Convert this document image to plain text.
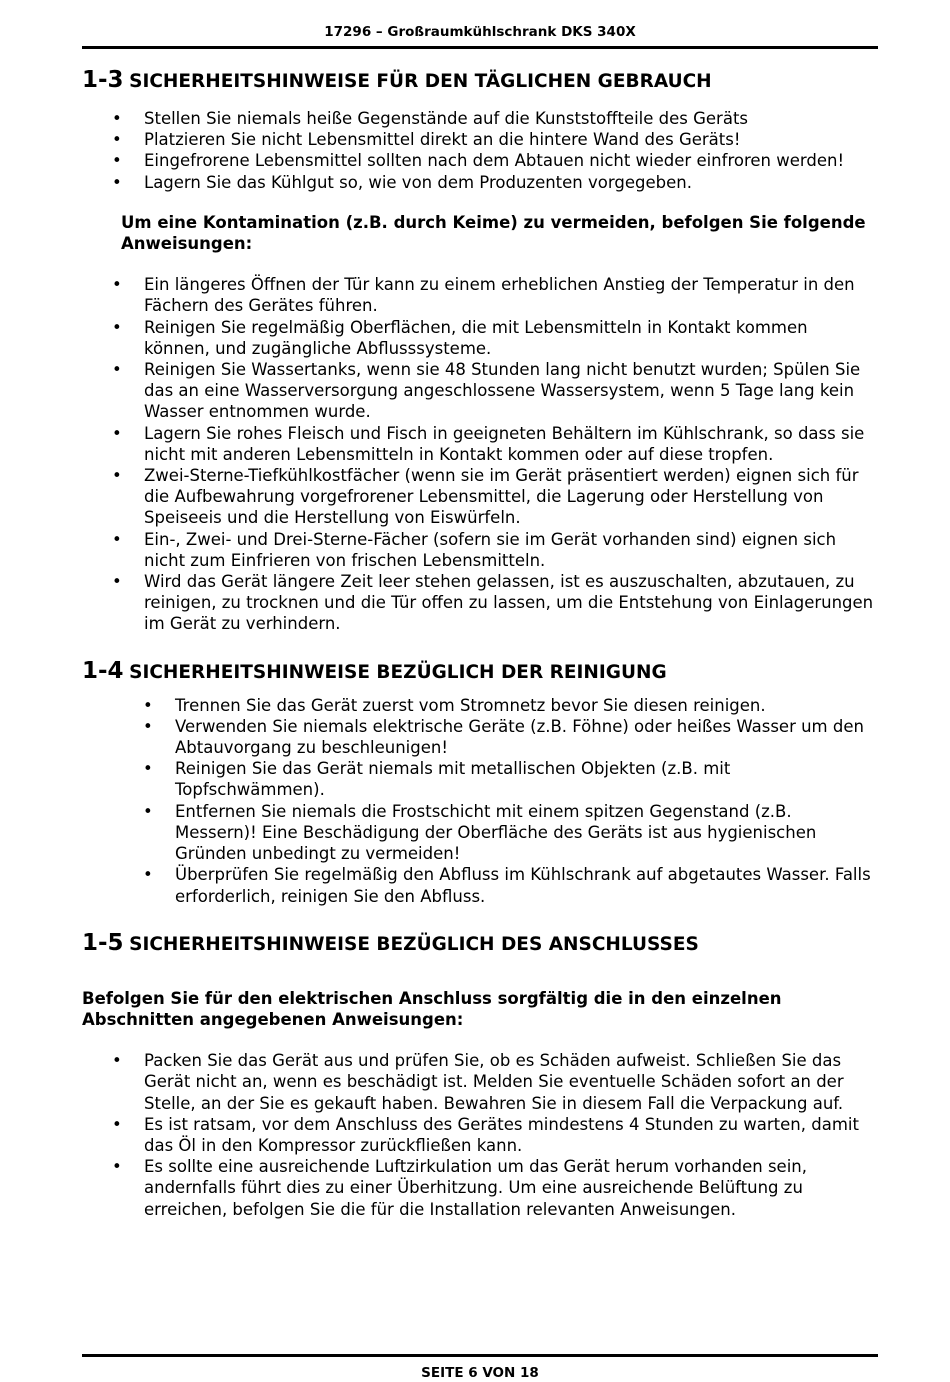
17296 – Großraumkühlschrank DKS 340X
1-3 SICHERHEITSHINWEISE FÜR DEN TÄGLICHEN GEBRAUCH
• Stellen Sie niemals heiße Gegenstände auf die Kunststoffteile des Geräts
• Platzieren Sie nicht Lebensmittel direkt an die hintere Wand des Geräts!
• Eingefrorene Lebensmittel sollten nach dem Abtauen nicht wieder einfroren werden!
• Lagern Sie das Kühlgut so, wie von dem Produzenten vorgegeben.

Um eine Kontamination (z.B. durch Keime) zu vermeiden, befolgen Sie folgende Anweisungen:

• Ein längeres Öffnen der Tür kann zu einem erheblichen Anstieg der Temperatur in den Fächern des Gerätes führen.
• Reinigen Sie regelmäßig Oberflächen, die mit Lebensmitteln in Kontakt kommen können, und zugängliche Abflusssysteme.
• Reinigen Sie Wassertanks, wenn sie 48 Stunden lang nicht benutzt wurden; Spülen Sie das an eine Wasserversorgung angeschlossene Wassersystem, wenn 5 Tage lang kein Wasser entnommen wurde.
• Lagern Sie rohes Fleisch und Fisch in geeigneten Behältern im Kühlschrank, so dass sie nicht mit anderen Lebensmitteln in Kontakt kommen oder auf diese tropfen.
• Zwei-Sterne-Tiefkühlkostfächer (wenn sie im Gerät präsentiert werden) eignen sich für die Aufbewahrung vorgefrorener Lebensmittel, die Lagerung oder Herstellung von Speiseeis und die Herstellung von Eiswürfeln.
• Ein-, Zwei- und Drei-Sterne-Fächer (sofern sie im Gerät vorhanden sind) eignen sich nicht zum Einfrieren von frischen Lebensmitteln.
• Wird das Gerät längere Zeit leer stehen gelassen, ist es auszuschalten, abzutauen, zu reinigen, zu trocknen und die Tür offen zu lassen, um die Entstehung von Einlagerungen im Gerät zu verhindern.
1-4 SICHERHEITSHINWEISE BEZÜGLICH DER REINIGUNG
• Trennen Sie das Gerät zuerst vom Stromnetz bevor Sie diesen reinigen.
• Verwenden Sie niemals elektrische Geräte (z.B. Föhne) oder heißes Wasser um den Abtauvorgang zu beschleunigen!
• Reinigen Sie das Gerät niemals mit metallischen Objekten (z.B. mit Topfschwämmen).
• Entfernen Sie niemals die Frostschicht mit einem spitzen Gegenstand (z.B. Messern)! Eine Beschädigung der Oberfläche des Geräts ist aus hygienischen Gründen unbedingt zu vermeiden!
• Überprüfen Sie regelmäßig den Abfluss im Kühlschrank auf abgetautes Wasser. Falls erforderlich, reinigen Sie den Abfluss.
1-5 SICHERHEITSHINWEISE BEZÜGLICH DES ANSCHLUSSES

Befolgen Sie für den elektrischen Anschluss sorgfältig die in den einzelnen Abschnitten angegebenen Anweisungen:

• Packen Sie das Gerät aus und prüfen Sie, ob es Schäden aufweist. Schließen Sie das Gerät nicht an, wenn es beschädigt ist. Melden Sie eventuelle Schäden sofort an der Stelle, an der Sie es gekauft haben. Bewahren Sie in diesem Fall die Verpackung auf.
• Es ist ratsam, vor dem Anschluss des Gerätes mindestens 4 Stunden zu warten, damit das Öl in den Kompressor zurückfließen kann.
• Es sollte eine ausreichende Luftzirkulation um das Gerät herum vorhanden sein, andernfalls führt dies zu einer Überhitzung. Um eine ausreichende Belüftung zu erreichen, befolgen Sie die für die Installation relevanten Anweisungen.
SEITE 6 VON 18
